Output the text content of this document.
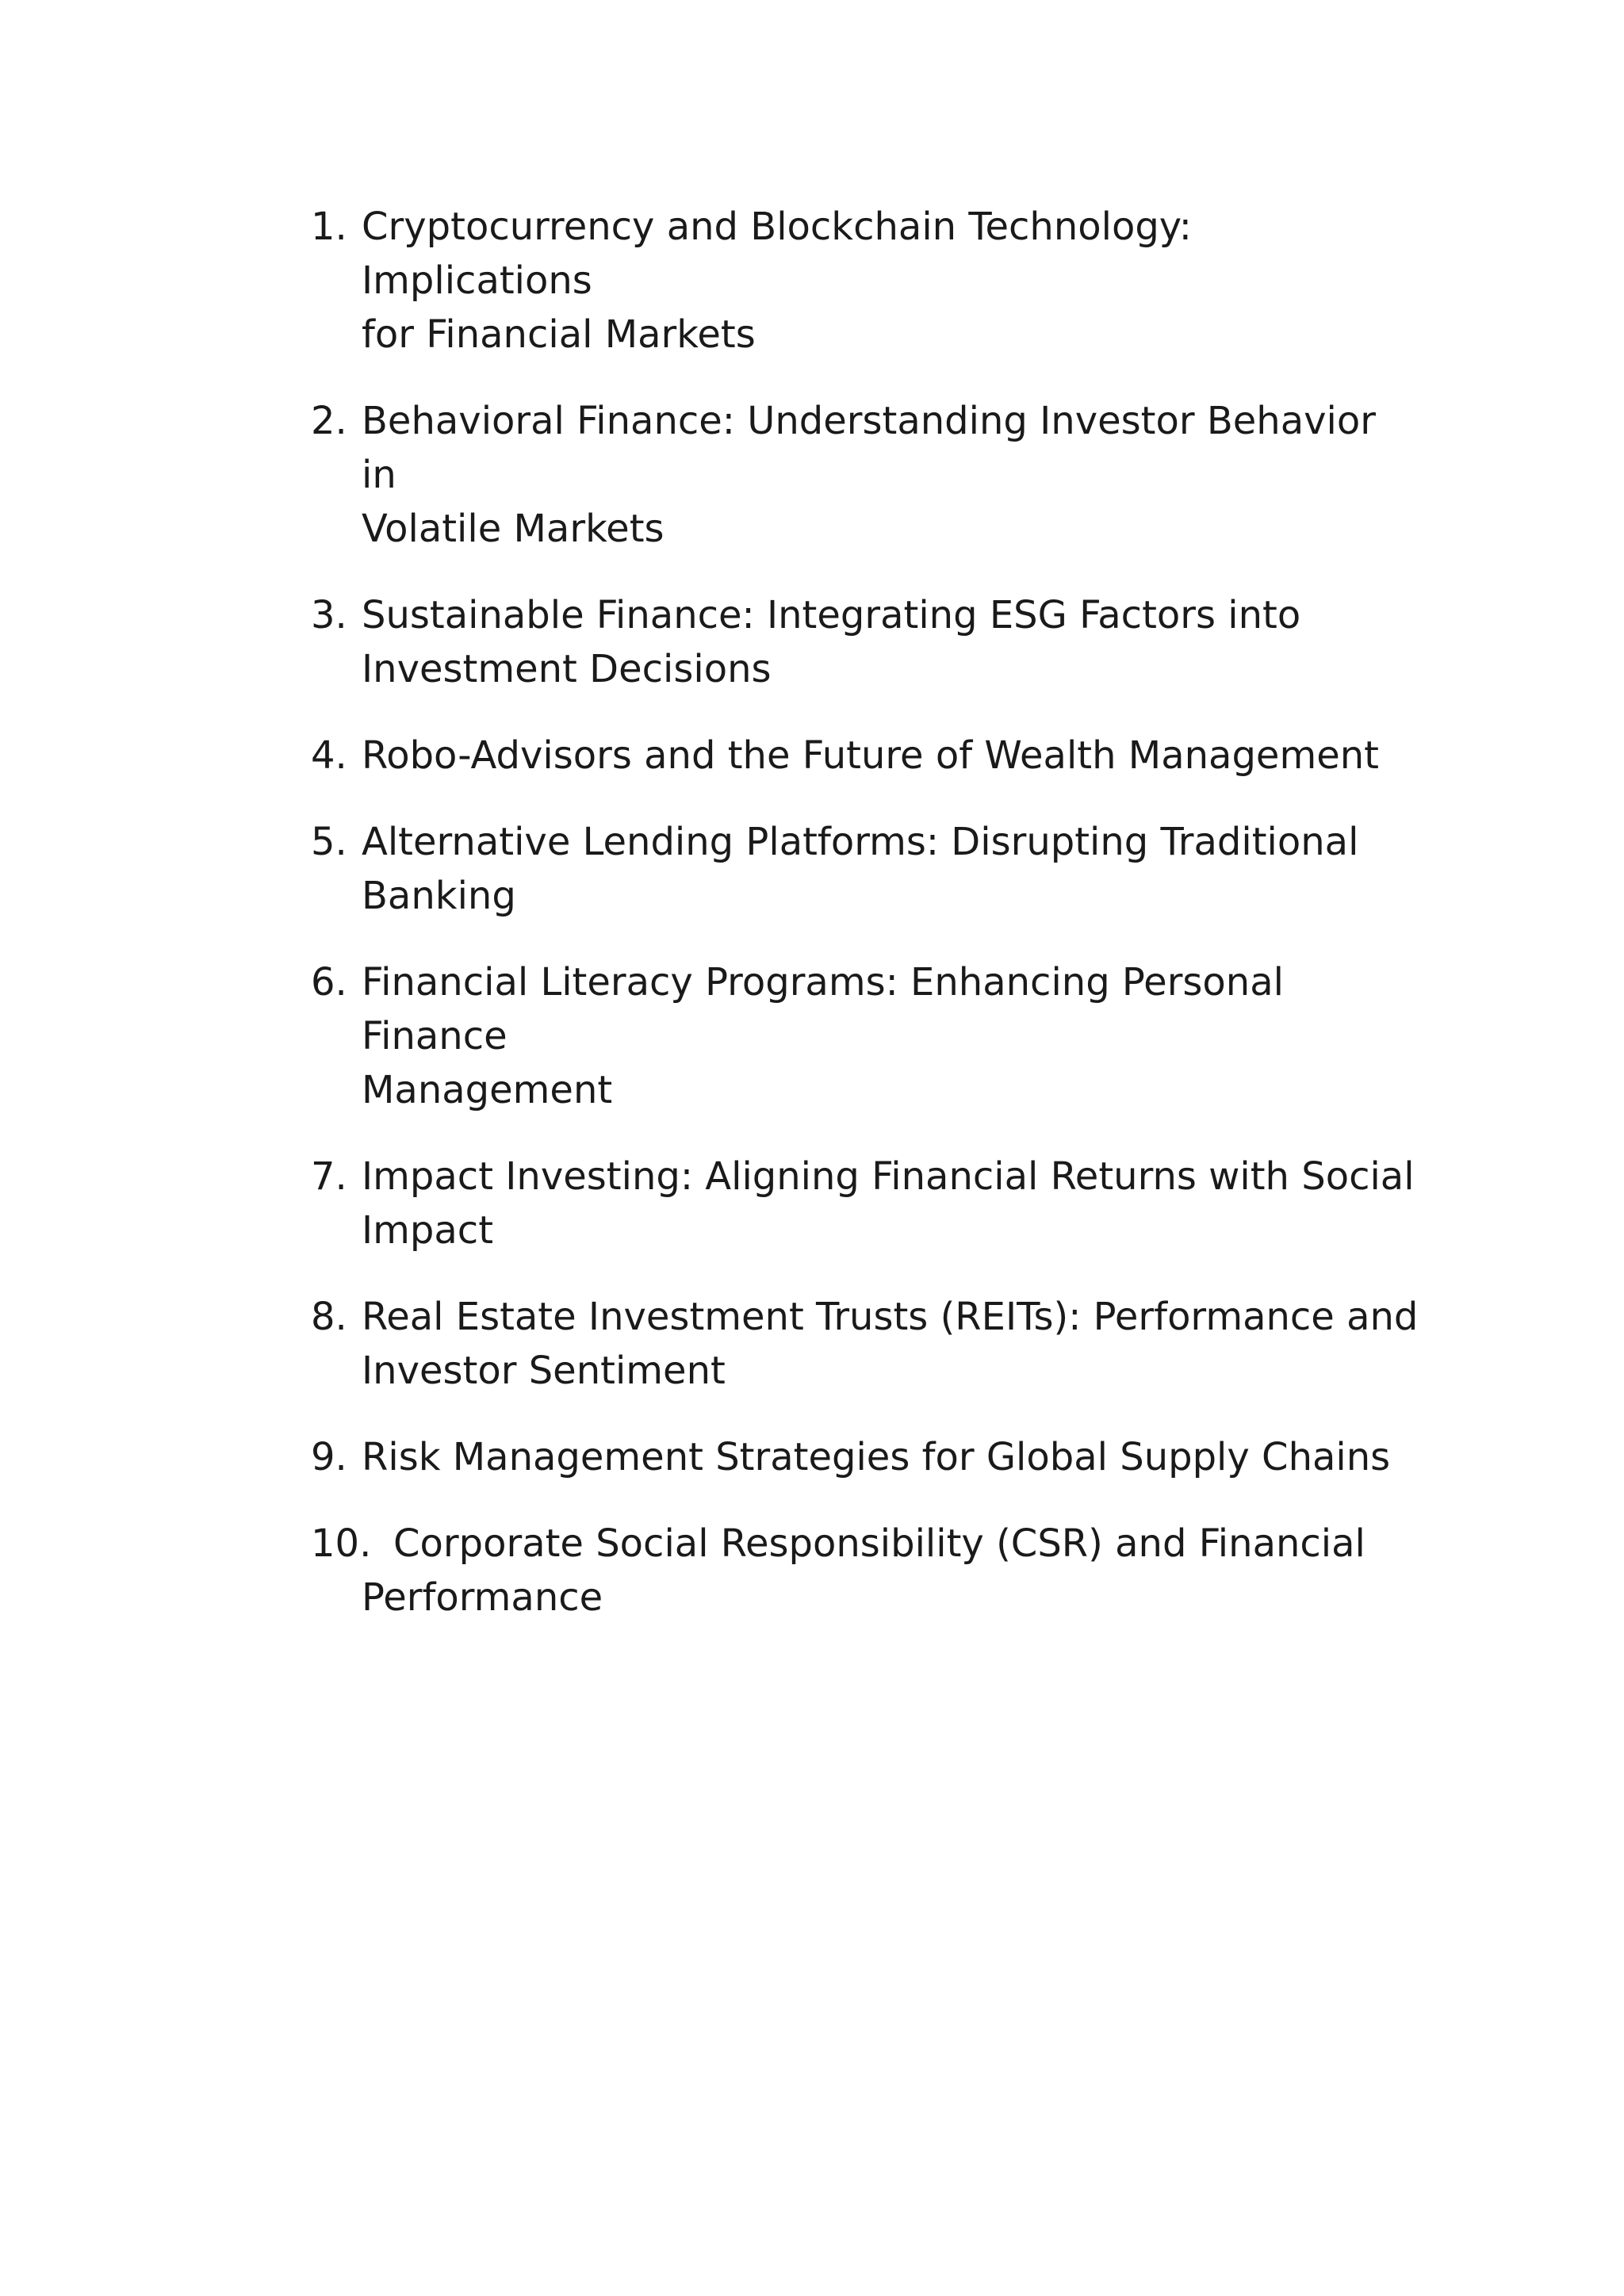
1. Cryptocurrency and Blockchain Technology: Implications
for Financial Markets
2. Behavioral Finance: Understanding Investor Behavior in
Volatile Markets
3. Sustainable Finance: Integrating ESG Factors into
Investment Decisions
4. Robo-Advisors and the Future of Wealth Management
5. Alternative Lending Platforms: Disrupting Traditional
Banking
6. Financial Literacy Programs: Enhancing Personal Finance
Management
7. Impact Investing: Aligning Financial Returns with Social
Impact
8. Real Estate Investment Trusts (REITs): Performance and
Investor Sentiment
9. Risk Management Strategies for Global Supply Chains
10. Corporate Social Responsibility (CSR) and Financial
Performance
